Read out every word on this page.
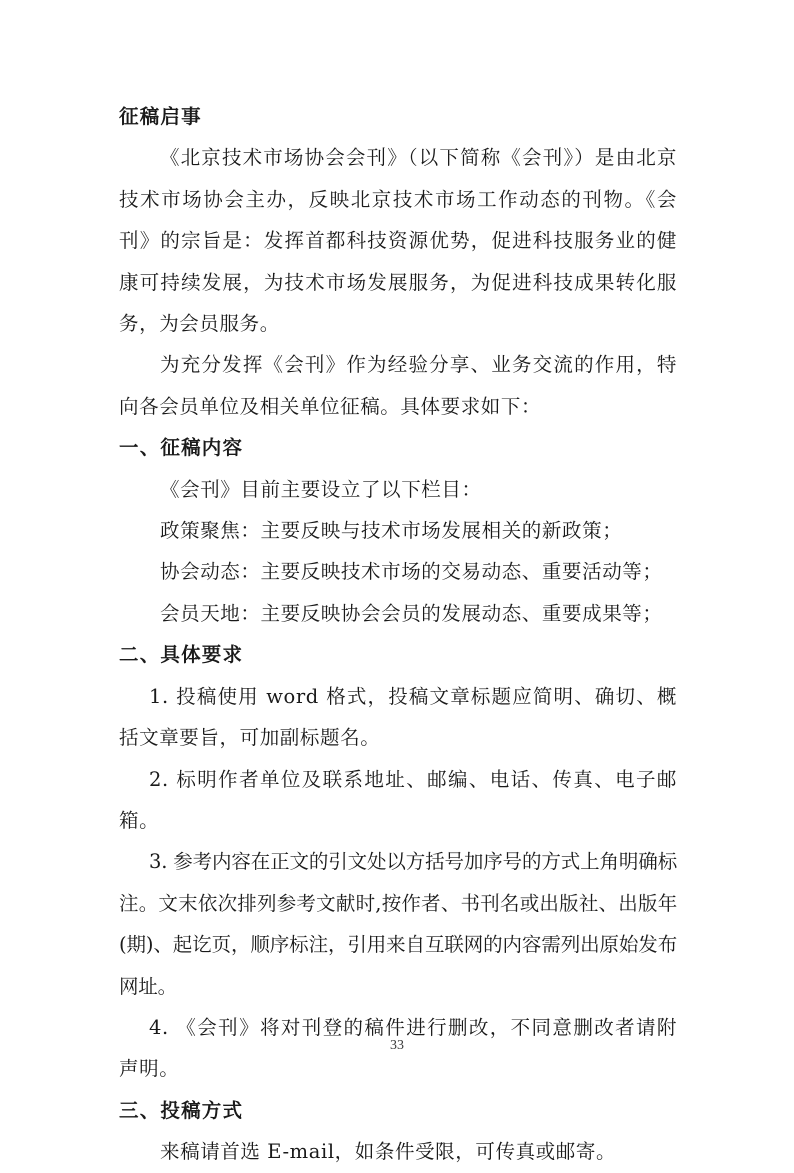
征稿启事

《北京技术市场协会会刊》（以下简称《会刊》）是由北京技术市场协会主办，反映北京技术市场工作动态的刊物。《会刊》的宗旨是：发挥首都科技资源优势，促进科技服务业的健康可持续发展，为技术市场发展服务，为促进科技成果转化服务，为会员服务。

为充分发挥《会刊》作为经验分享、业务交流的作用，特向各会员单位及相关单位征稿。具体要求如下：

一、征稿内容

《会刊》目前主要设立了以下栏目：

政策聚焦：主要反映与技术市场发展相关的新政策；

协会动态：主要反映技术市场的交易动态、重要活动等；

会员天地：主要反映协会会员的发展动态、重要成果等；

二、具体要求

1. 投稿使用 word 格式，投稿文章标题应简明、确切、概括文章要旨，可加副标题名。

2. 标明作者单位及联系地址、邮编、电话、传真、电子邮箱。

3. 参考内容在正文的引文处以方括号加序号的方式上角明确标注。文末依次排列参考文献时,按作者、书刊名或出版社、出版年(期)、起讫页，顺序标注，引用来自互联网的内容需列出原始发布网址。

4. 《会刊》将对刊登的稿件进行删改，不同意删改者请附声明。

三、投稿方式

来稿请首选 E-mail，如条件受限，可传真或邮寄。

33
